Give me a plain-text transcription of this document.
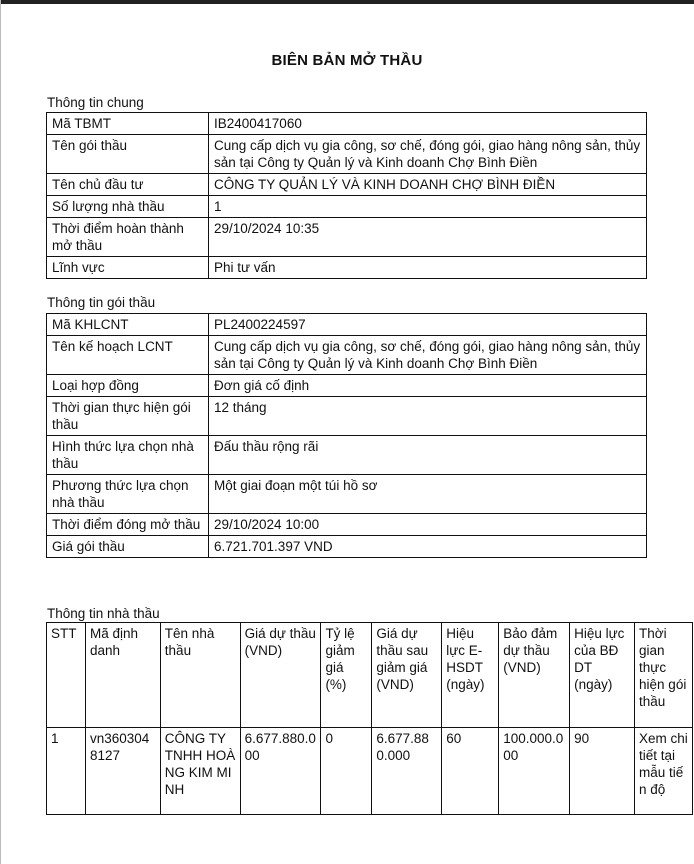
BIÊN BẢN MỞ THẦU
Thông tin chung
Mã TBMT	IB2400417060
Tên gói thầu	Cung cấp dịch vụ gia công, sơ chế, đóng gói, giao hàng nông sản, thủy sản tại Công ty Quản lý và Kinh doanh Chợ Bình Điền
Tên chủ đầu tư	CÔNG TY QUẢN LÝ VÀ KINH DOANH CHỢ BÌNH ĐIỀN
Số lượng nhà thầu	1
Thời điểm hoàn thành mở thầu	29/10/2024 10:35
Lĩnh vực	Phi tư vấn
Thông tin gói thầu
Mã KHLCNT	PL2400224597
Tên kế hoạch LCNT	Cung cấp dịch vụ gia công, sơ chế, đóng gói, giao hàng nông sản, thủy sản tại Công ty Quản lý và Kinh doanh Chợ Bình Điền
Loại hợp đồng	Đơn giá cố định
Thời gian thực hiện gói thầu	12 tháng
Hình thức lựa chọn nhà thầu	Đấu thầu rộng rãi
Phương thức lựa chọn nhà thầu	Một giai đoạn một túi hồ sơ
Thời điểm đóng mở thầu	29/10/2024 10:00
Giá gói thầu	6.721.701.397 VND
Thông tin nhà thầu
STT	Mã định danh	Tên nhà thầu	Giá dự thầu (VND)	Tỷ lệ giảm giá (%)	Giá dự thầu sau giảm giá (VND)	Hiệu lực E-HSDT (ngày)	Bảo đảm dự thầu (VND)	Hiệu lực của BĐ DT (ngày)	Thời gian thực hiện gói thầu
1	vn3603048127	CÔNG TY TNHH HOÀNG KIM MINH	6.677.880.000	0	6.677.880.000	60	100.000.000	90	Xem chi tiết tại mẫu tiến độ
